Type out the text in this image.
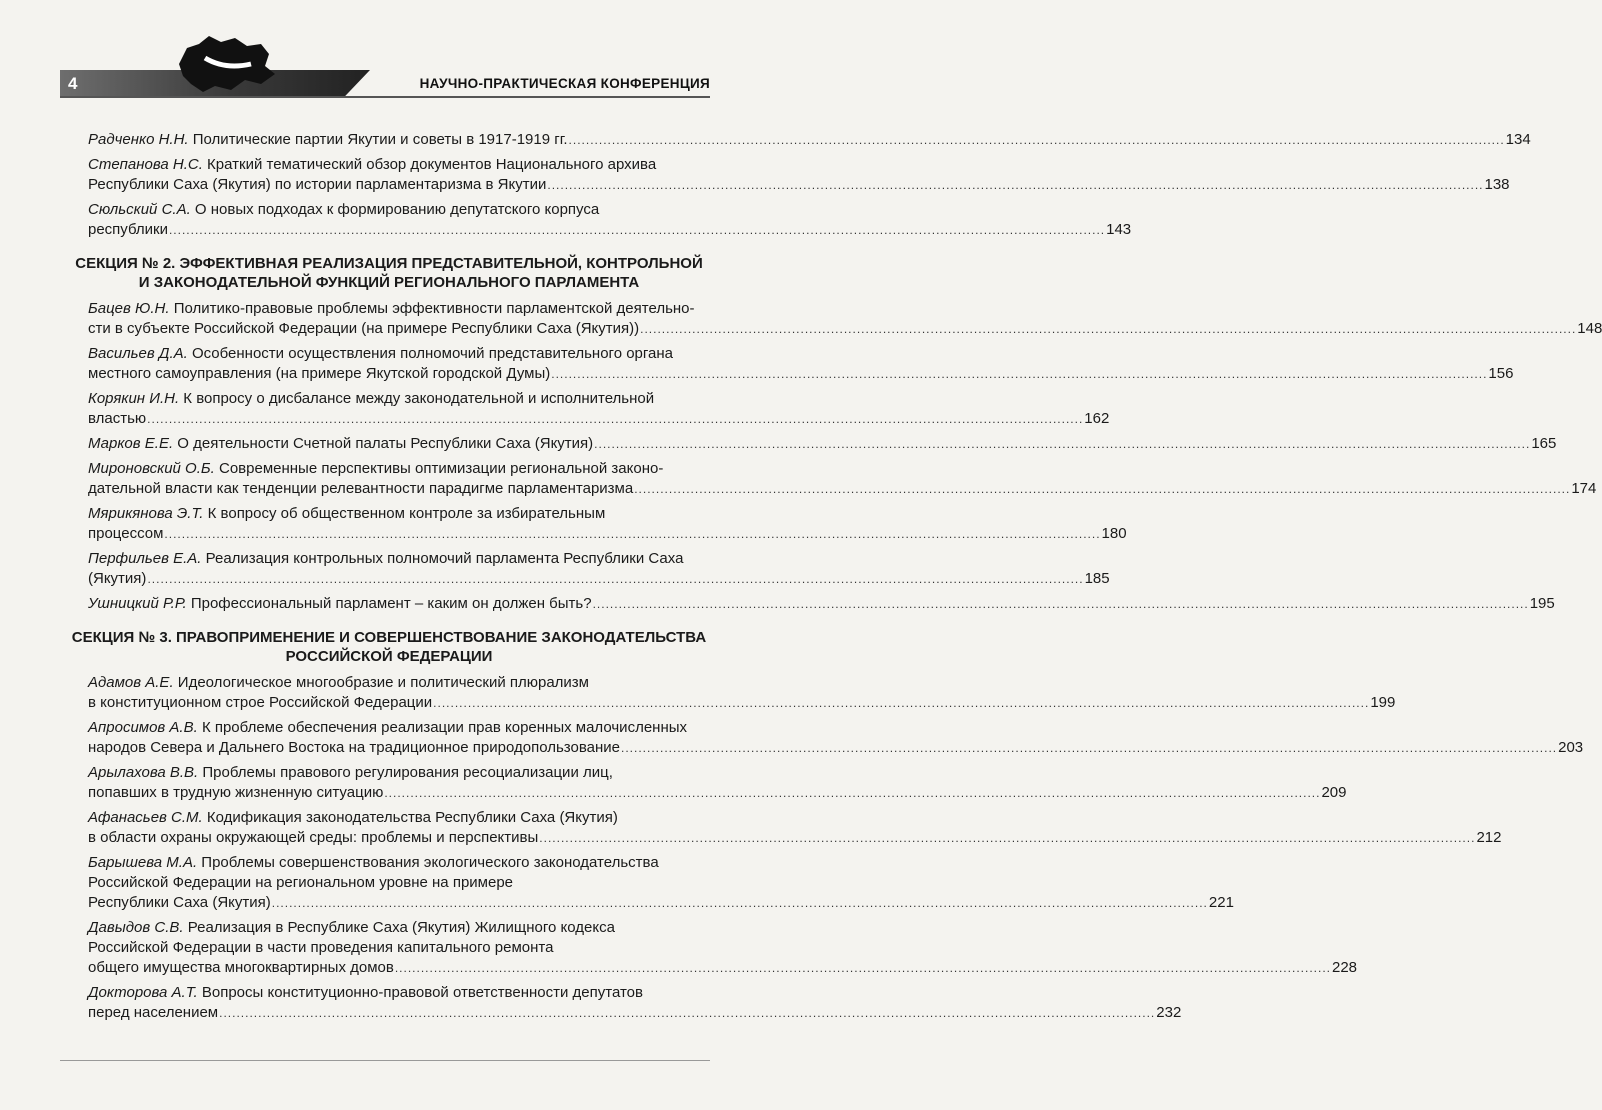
4	НАУЧНО-ПРАКТИЧЕСКАЯ КОНФЕРЕНЦИЯ
Радченко Н.Н. Политические партии Якутии и советы в 1917-1919 гг. .....	134
Степанова Н.С. Краткий тематический обзор документов Национального архива
Республики Саха (Якутия) по истории парламентаризма в Якутии .....	138
Сюльский С.А. О новых подходах к формированию депутатского корпуса
республики .....	143
СЕКЦИЯ № 2. ЭФФЕКТИВНАЯ РЕАЛИЗАЦИЯ ПРЕДСТАВИТЕЛЬНОЙ, КОНТРОЛЬНОЙ
И ЗАКОНОДАТЕЛЬНОЙ ФУНКЦИЙ РЕГИОНАЛЬНОГО ПАРЛАМЕНТА
Бацев Ю.Н. Политико-правовые проблемы эффективности парламентской деятельно-
сти в субъекте Российской Федерации (на примере Республики Саха (Якутия)) .....	148
Васильев Д.А. Особенности осуществления полномочий представительного органа
местного самоуправления (на примере Якутской городской Думы) .....	156
Корякин И.Н. К вопросу о дисбалансе между законодательной и исполнительной
властью .....	162
Марков Е.Е. О деятельности Счетной палаты Республики Саха (Якутия) .....	165
Мироновский О.Б. Современные перспективы оптимизации региональной законо-
дательной власти как тенденции релевантности парадигме парламентаризма .....	174
Мярикянова Э.Т. К вопросу об общественном контроле за избирательным
процессом .....	180
Перфильев Е.А. Реализация контрольных полномочий парламента Республики Саха
(Якутия) .....	185
Ушницкий Р.Р. Профессиональный парламент – каким он должен быть? .....	195
СЕКЦИЯ № 3. ПРАВОПРИМЕНЕНИЕ И СОВЕРШЕНСТВОВАНИЕ ЗАКОНОДАТЕЛЬСТВА
РОССИЙСКОЙ ФЕДЕРАЦИИ
Адамов А.Е. Идеологическое многообразие и политический плюрализм
в конституционном строе Российской Федерации .....	199
Апросимов А.В. К проблеме обеспечения реализации прав коренных малочисленных
народов Севера и Дальнего Востока на традиционное природопользование .....	203
Арылахова В.В. Проблемы правового регулирования ресоциализации лиц,
попавших в трудную жизненную ситуацию .....	209
Афанасьев С.М. Кодификация законодательства Республики Саха (Якутия)
в области охраны окружающей среды: проблемы и перспективы .....	212
Барышева М.А. Проблемы совершенствования экологического законодательства
Российской Федерации на региональном уровне на примере
Республики Саха (Якутия) .....	221
Давыдов С.В. Реализация в Республике Саха (Якутия) Жилищного кодекса
Российской Федерации в части проведения капитального ремонта
общего имущества многоквартирных домов .....	228
Докторова А.Т. Вопросы конституционно-правовой ответственности депутатов
перед населением .....	232
